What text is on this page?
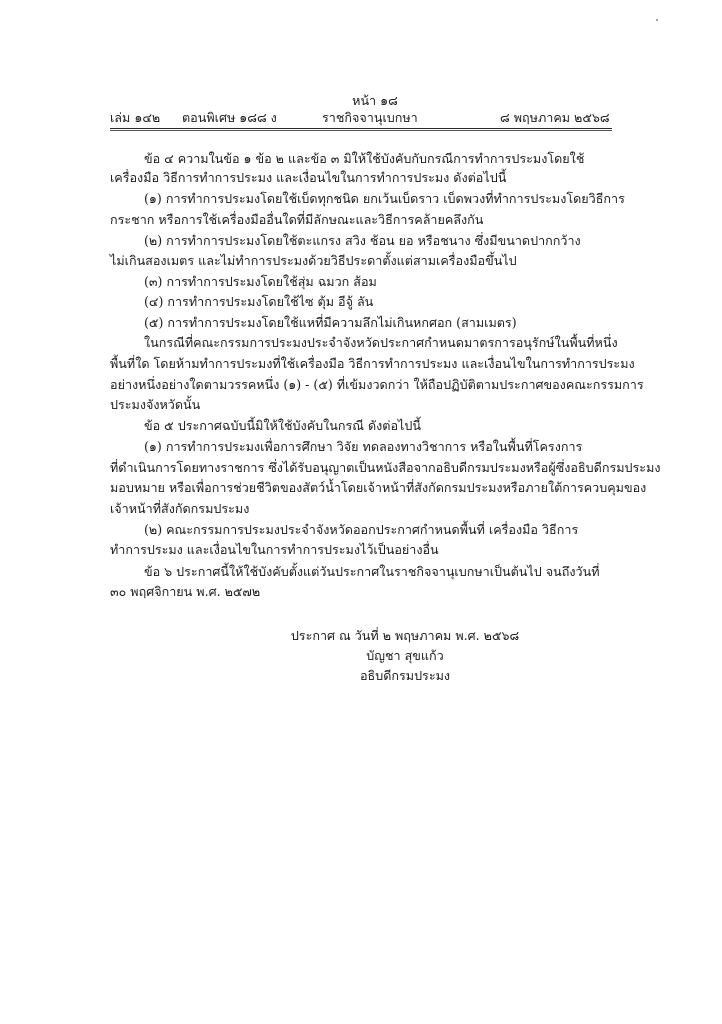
หน้า ๑๘
เล่ม ๑๔๒ ตอนพิเศษ ๑๘๘ ง	ราชกิจจานุเบกษา	๘ พฤษภาคม ๒๕๖๘
ข้อ ๔ ความในข้อ ๑ ข้อ ๒ และข้อ ๓ มิให้ใช้บังคับกับกรณีการทำการประมงโดยใช้
เครื่องมือ วิธีการทำการประมง และเงื่อนไขในการทำการประมง ดังต่อไปนี้
(๑) การทำการประมงโดยใช้เบ็ดทุกชนิด ยกเว้นเบ็ดราว เบ็ดพวงที่ทำการประมงโดยวิธีการ
กระชาก หรือการใช้เครื่องมืออื่นใดที่มีลักษณะและวิธีการคล้ายคลึงกัน
(๒) การทำการประมงโดยใช้ตะแกรง สวิง ช้อน ยอ หรือชนาง ซึ่งมีขนาดปากกว้าง
ไม่เกินสองเมตร และไม่ทำการประมงด้วยวิธีประดาตั้งแต่สามเครื่องมือขึ้นไป
(๓) การทำการประมงโดยใช้สุ่ม ฉมวก ส้อม
(๔) การทำการประมงโดยใช้ไซ ตุ้ม อีจู้ ลัน
(๕) การทำการประมงโดยใช้แหที่มีความลึกไม่เกินหกศอก (สามเมตร)
ในกรณีที่คณะกรรมการประมงประจำจังหวัดประกาศกำหนดมาตรการอนุรักษ์ในพื้นที่หนึ่ง
พื้นที่ใด โดยห้ามทำการประมงที่ใช้เครื่องมือ วิธีการทำการประมง และเงื่อนไขในการทำการประมง
อย่างหนึ่งอย่างใดตามวรรคหนึ่ง (๑) - (๕) ที่เข้มงวดกว่า ให้ถือปฏิบัติตามประกาศของคณะกรรมการ
ประมงจังหวัดนั้น
ข้อ ๕ ประกาศฉบับนี้มิให้ใช้บังคับในกรณี ดังต่อไปนี้
(๑) การทำการประมงเพื่อการศึกษา วิจัย ทดลองทางวิชาการ หรือในพื้นที่โครงการ
ที่ดำเนินการโดยทางราชการ ซึ่งได้รับอนุญาตเป็นหนังสือจากอธิบดีกรมประมงหรือผู้ซึ่งอธิบดีกรมประมง
มอบหมาย หรือเพื่อการช่วยชีวิตของสัตว์น้ำโดยเจ้าหน้าที่สังกัดกรมประมงหรือภายใต้การควบคุมของ
เจ้าหน้าที่สังกัดกรมประมง
(๒) คณะกรรมการประมงประจำจังหวัดออกประกาศกำหนดพื้นที่ เครื่องมือ วิธีการ
ทำการประมง และเงื่อนไขในการทำการประมงไว้เป็นอย่างอื่น
ข้อ ๖ ประกาศนี้ให้ใช้บังคับตั้งแต่วันประกาศในราชกิจจานุเบกษาเป็นต้นไป จนถึงวันที่
๓๐ พฤศจิกายน พ.ศ. ๒๕๗๒
ประกาศ ณ วันที่ ๒ พฤษภาคม พ.ศ. ๒๕๖๘
บัญชา สุขแก้ว
อธิบดีกรมประมง
